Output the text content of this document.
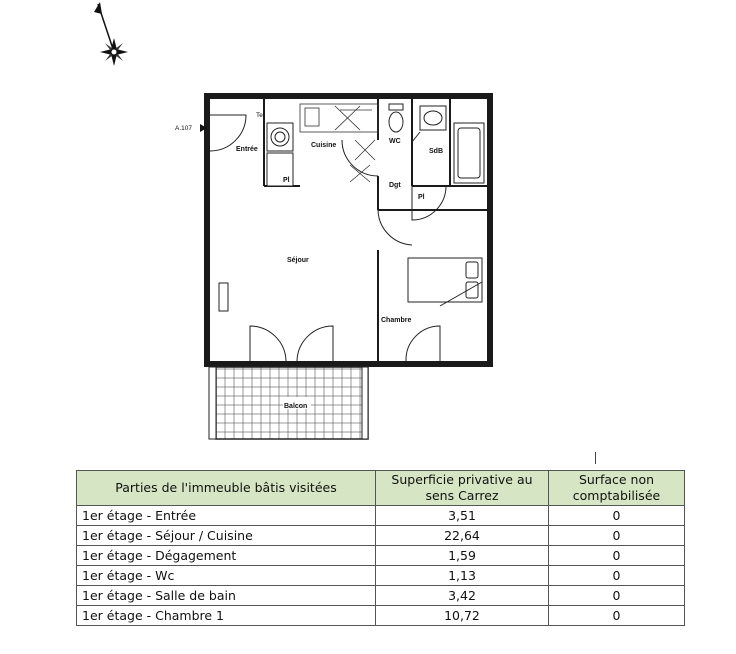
A.107
Entrée
Te
Cuisine
WC
SdB
Dgt
Pl
Pl
Séjour
Chambre
Balcon
Parties de l'immeuble bâtis visitées	Superficie privative au sens Carrez	Surface non comptabilisée
1er étage - Entrée	3,51	0
1er étage - Séjour / Cuisine	22,64	0
1er étage - Dégagement	1,59	0
1er étage - Wc	1,13	0
1er étage - Salle de bain	3,42	0
1er étage - Chambre 1	10,72	0
